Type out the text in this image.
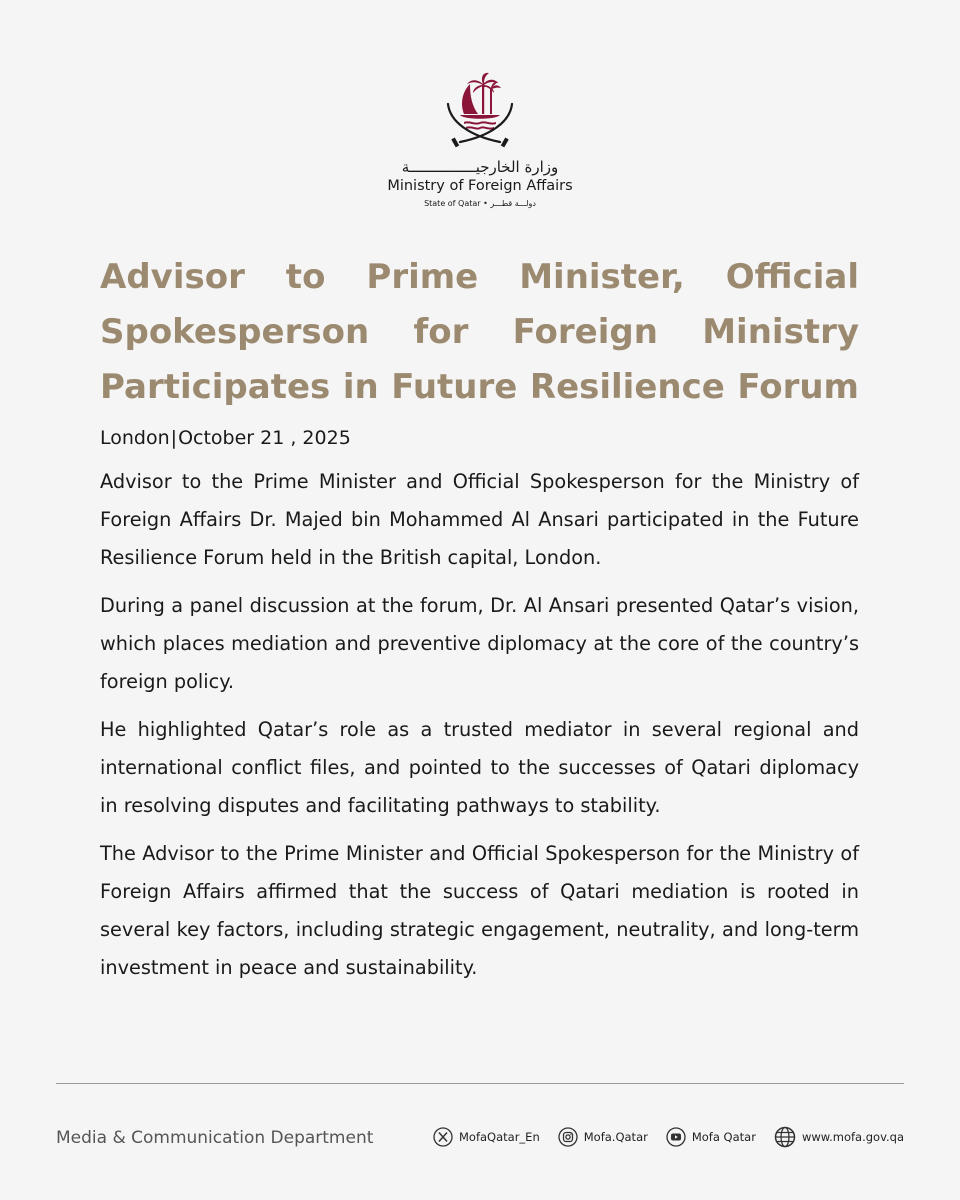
وزارة الخارجيـــــــــــــــة
Ministry of Foreign Affairs
State of Qatar • دولـــة قطـــر
Advisor to Prime Minister, Official Spokesperson for Foreign Ministry Participates in Future Resilience Forum
London|October 21 , 2025

Advisor to the Prime Minister and Official Spokesperson for the Ministry of Foreign Affairs Dr. Majed bin Mohammed Al Ansari participated in the Future Resilience Forum held in the British capital, London.

During a panel discussion at the forum, Dr. Al Ansari presented Qatar’s vision, which places mediation and preventive diplomacy at the core of the country’s foreign policy.

He highlighted Qatar’s role as a trusted mediator in several regional and international conflict files, and pointed to the successes of Qatari diplomacy in resolving disputes and facilitating pathways to stability.

The Advisor to the Prime Minister and Official Spokesperson for the Ministry of Foreign Affairs affirmed that the success of Qatari mediation is rooted in several key factors, including strategic engagement, neutrality, and long-term investment in peace and sustainability.

Media & Communication Department	MofaQatar_En	Mofa.Qatar	Mofa Qatar	www.mofa.gov.qa
